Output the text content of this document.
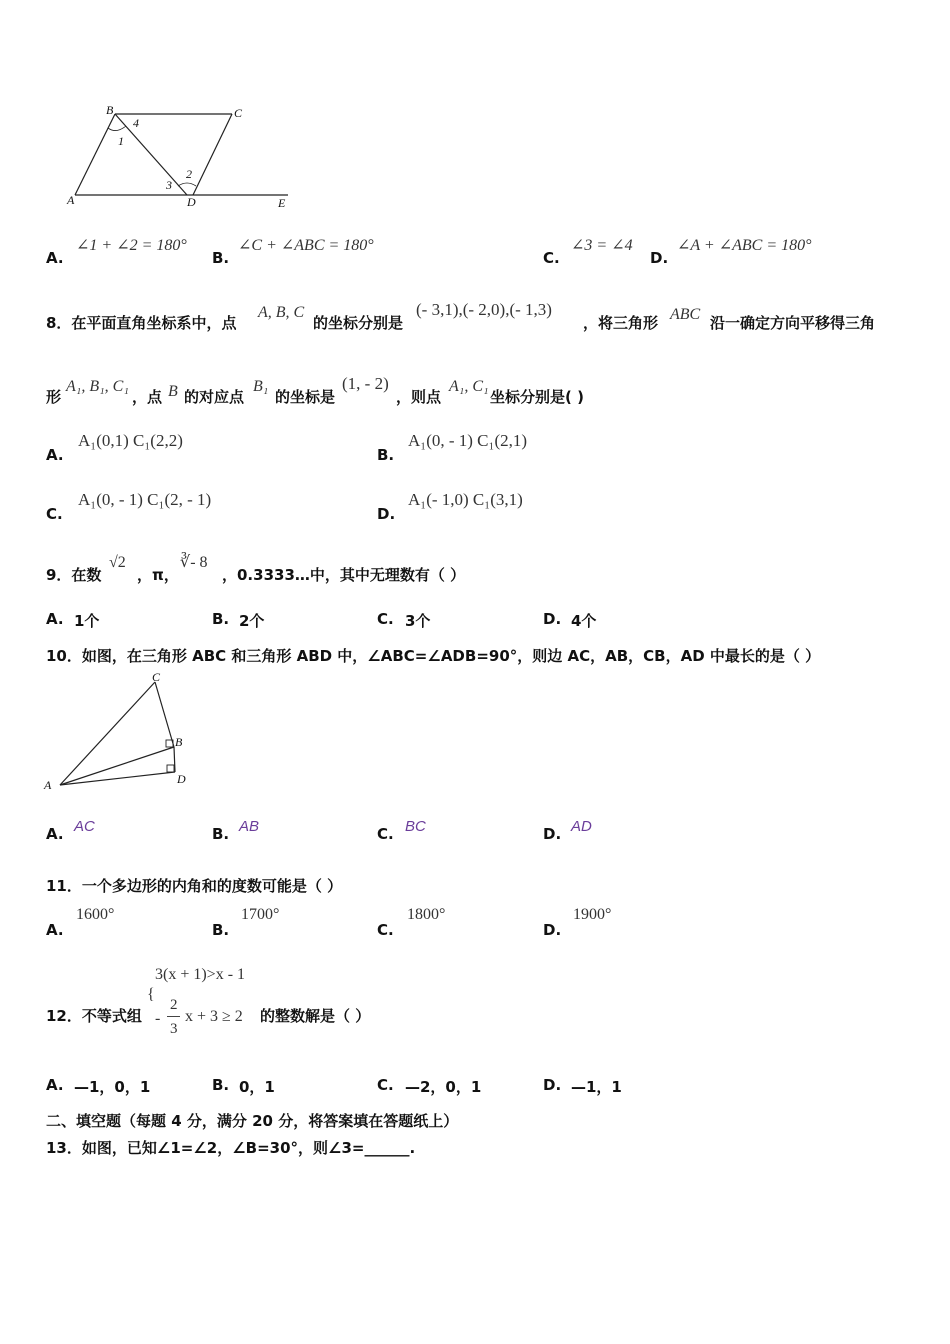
B	C
A	D	E
1
2
3
4
A.
∠1 + ∠2 = 180°
B.
∠C + ∠ABC = 180°
C.
∠3 = ∠4
D.
∠A + ∠ABC = 180°
8．在平面直角坐标系中，点
A, B, C
的坐标分别是
(- 3,1),(- 2,0),(- 1,3)
，将三角形 ABC 沿一确定方向平移得三角
形
A₁, B₁, C₁
，点 B 的对应点
B₁
的坐标是
(1, - 2)
，则点
A₁, C₁
坐标分别是( )
A.
A₁(0,1) C₁(2,2)
B.
A₁(0, - 1) C₁(2,1)
C.
A₁(0, - 1) C₁(2, - 1)
D.
A₁(- 1,0) C₁(3,1)
9．在数
√2
，π，
∛- 8
，0.3333…中，其中无理数有（ ）
A. 1个	B. 2个	C. 3个	D. 4个
10．如图，在三角形 ABC 和三角形 ABD 中，∠ABC=∠ADB=90°，则边 AC，AB，CB，AD 中最长的是（ ）
C
B
A	D
A. AC	B. AB	C. BC	D. AD
11．一个多边形的内角和的度数可能是（ ）
A.
1600°
B.
1700°
C.
1800°
D.
1900°
12．不等式组
{
3(x + 1)>x - 1
-
2
3
x + 3 ≥ 2 的整数解是（ ）
A. —1，0，1	B. 0，1	C. —2，0，1	D. —1，1
二、填空题（每题 4 分，满分 20 分，将答案填在答题纸上）
13．如图，已知∠1=∠2，∠B=30°，则∠3=______.
